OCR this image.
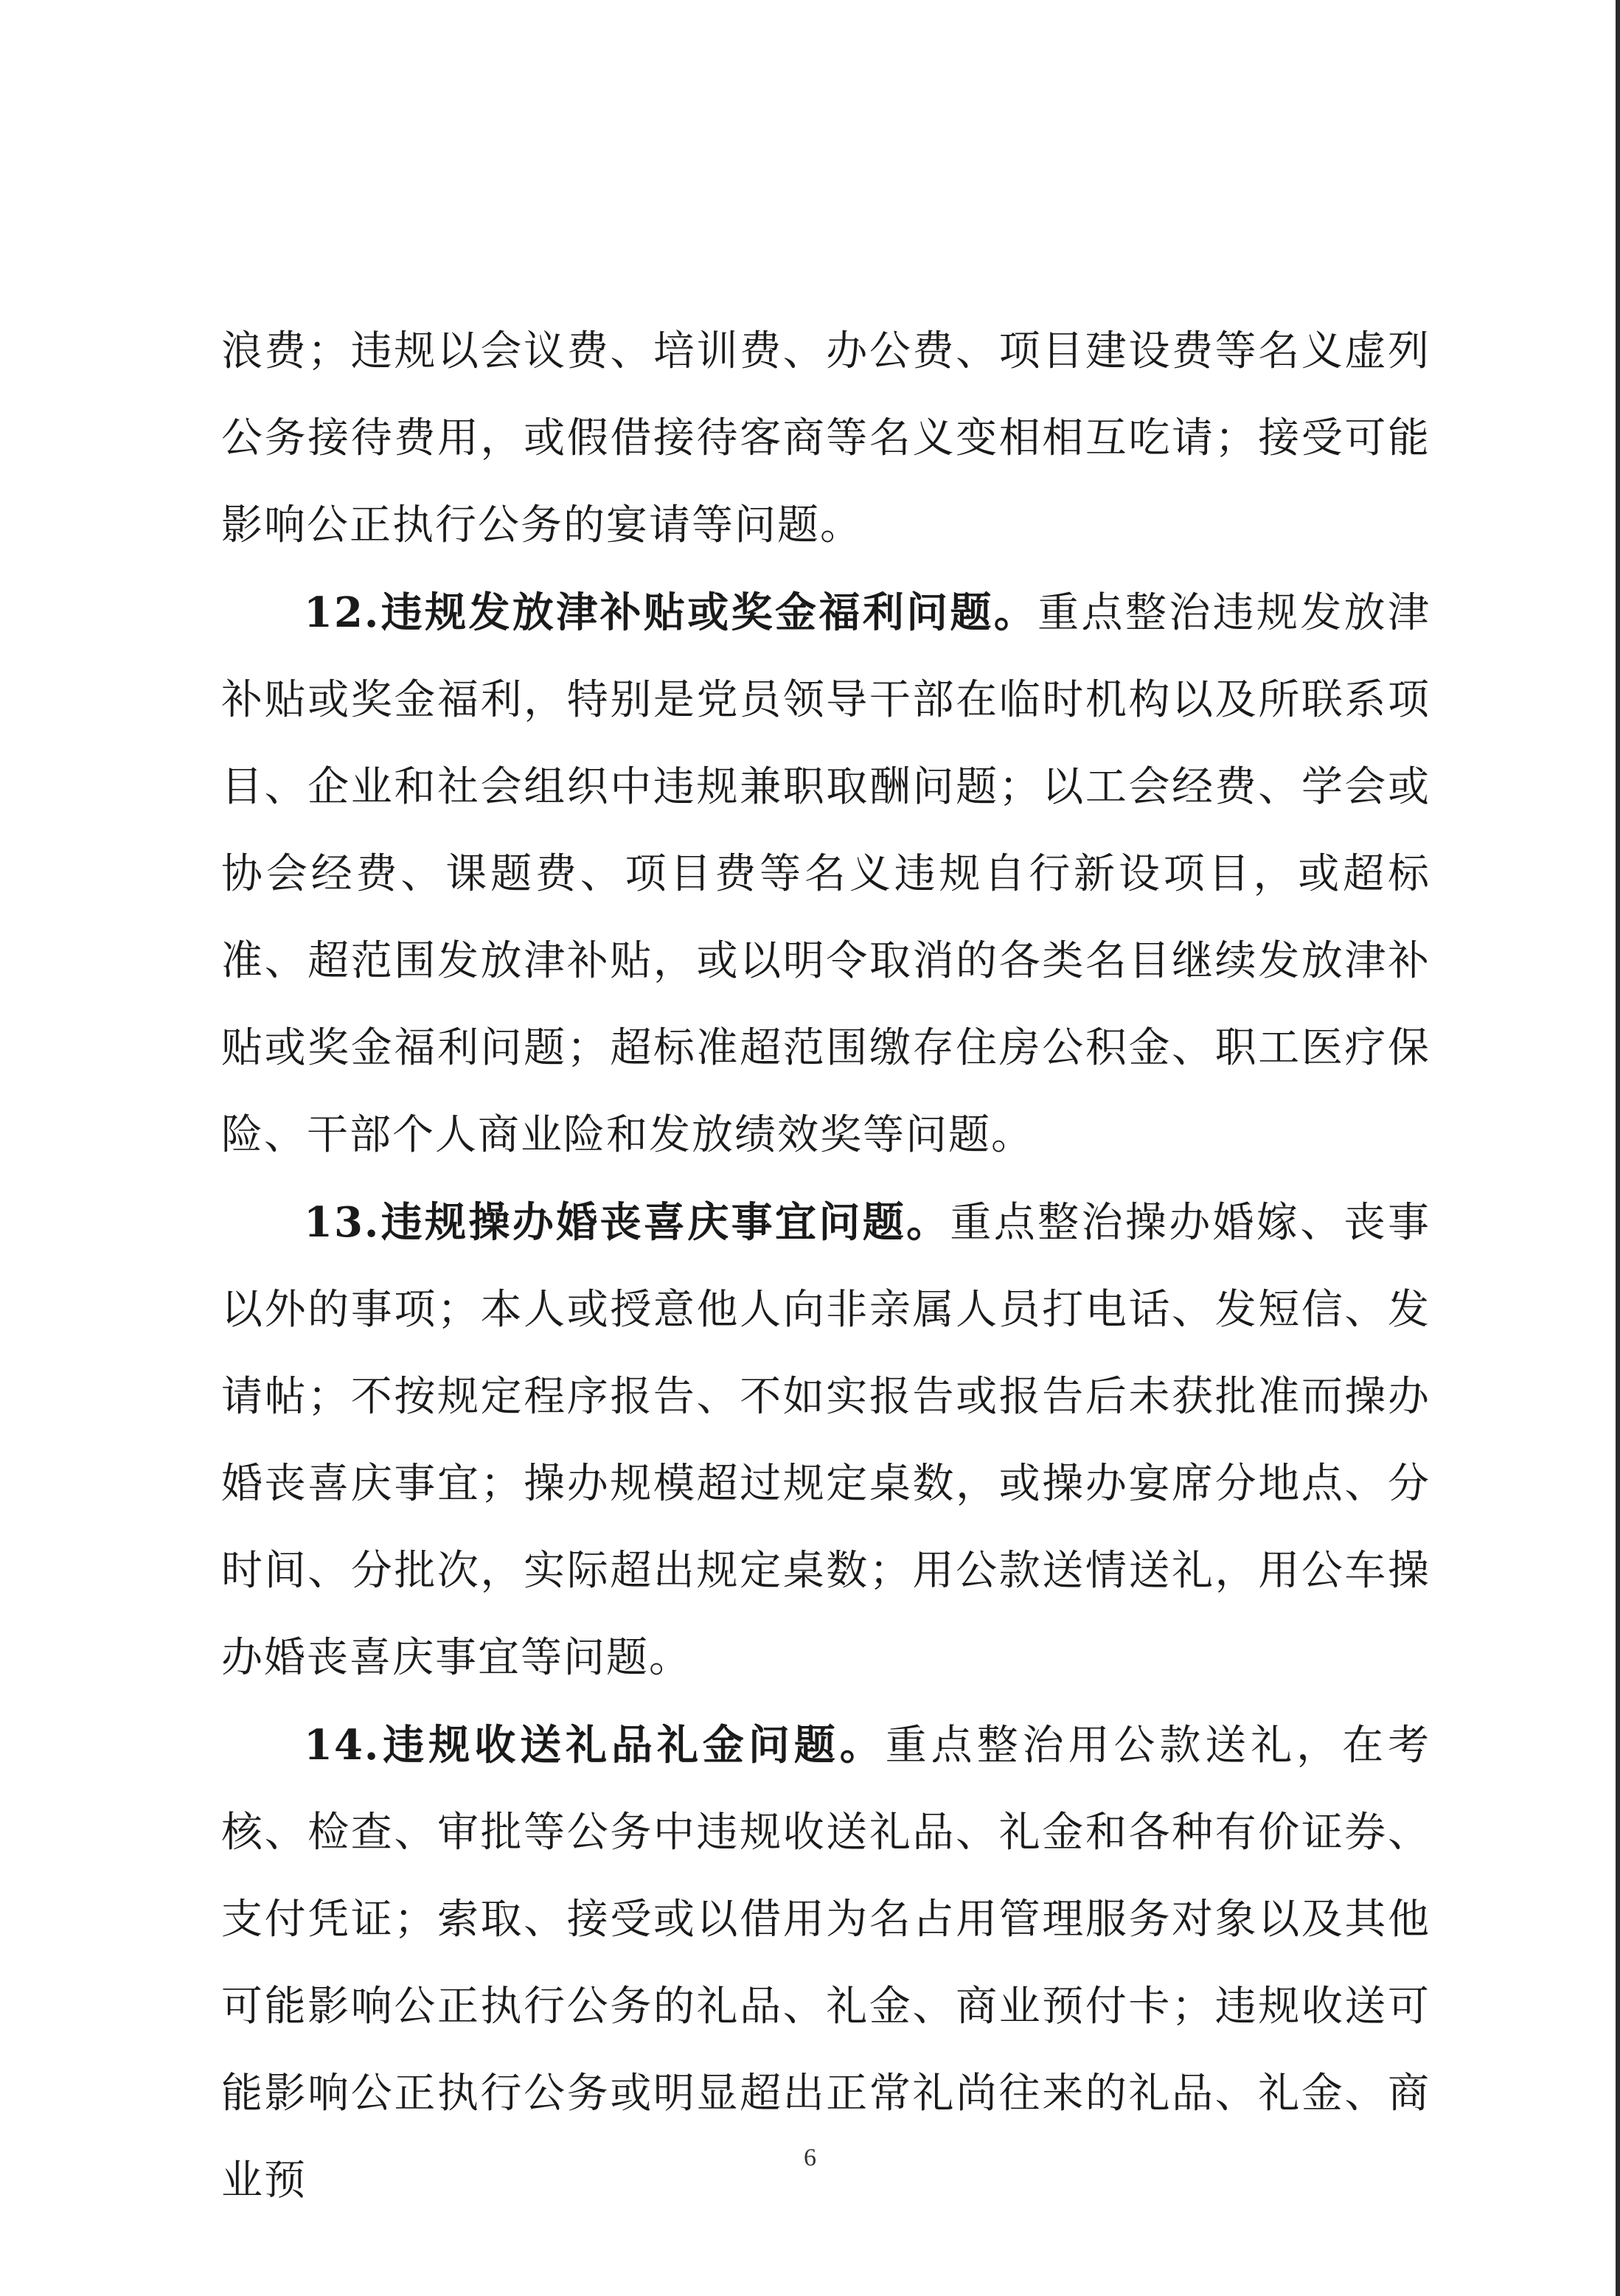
浪费；违规以会议费、培训费、办公费、项目建设费等名义虚列公务接待费用，或假借接待客商等名义变相相互吃请；接受可能影响公正执行公务的宴请等问题。

12.违规发放津补贴或奖金福利问题。重点整治违规发放津补贴或奖金福利，特别是党员领导干部在临时机构以及所联系项目、企业和社会组织中违规兼职取酬问题；以工会经费、学会或协会经费、课题费、项目费等名义违规自行新设项目，或超标准、超范围发放津补贴，或以明令取消的各类名目继续发放津补贴或奖金福利问题；超标准超范围缴存住房公积金、职工医疗保险、干部个人商业险和发放绩效奖等问题。

13.违规操办婚丧喜庆事宜问题。重点整治操办婚嫁、丧事以外的事项；本人或授意他人向非亲属人员打电话、发短信、发请帖；不按规定程序报告、不如实报告或报告后未获批准而操办婚丧喜庆事宜；操办规模超过规定桌数，或操办宴席分地点、分时间、分批次，实际超出规定桌数；用公款送情送礼，用公车操办婚丧喜庆事宜等问题。

14.违规收送礼品礼金问题。重点整治用公款送礼，在考核、检查、审批等公务中违规收送礼品、礼金和各种有价证券、支付凭证；索取、接受或以借用为名占用管理服务对象以及其他可能影响公正执行公务的礼品、礼金、商业预付卡；违规收送可能影响公正执行公务或明显超出正常礼尚往来的礼品、礼金、商业预	6
